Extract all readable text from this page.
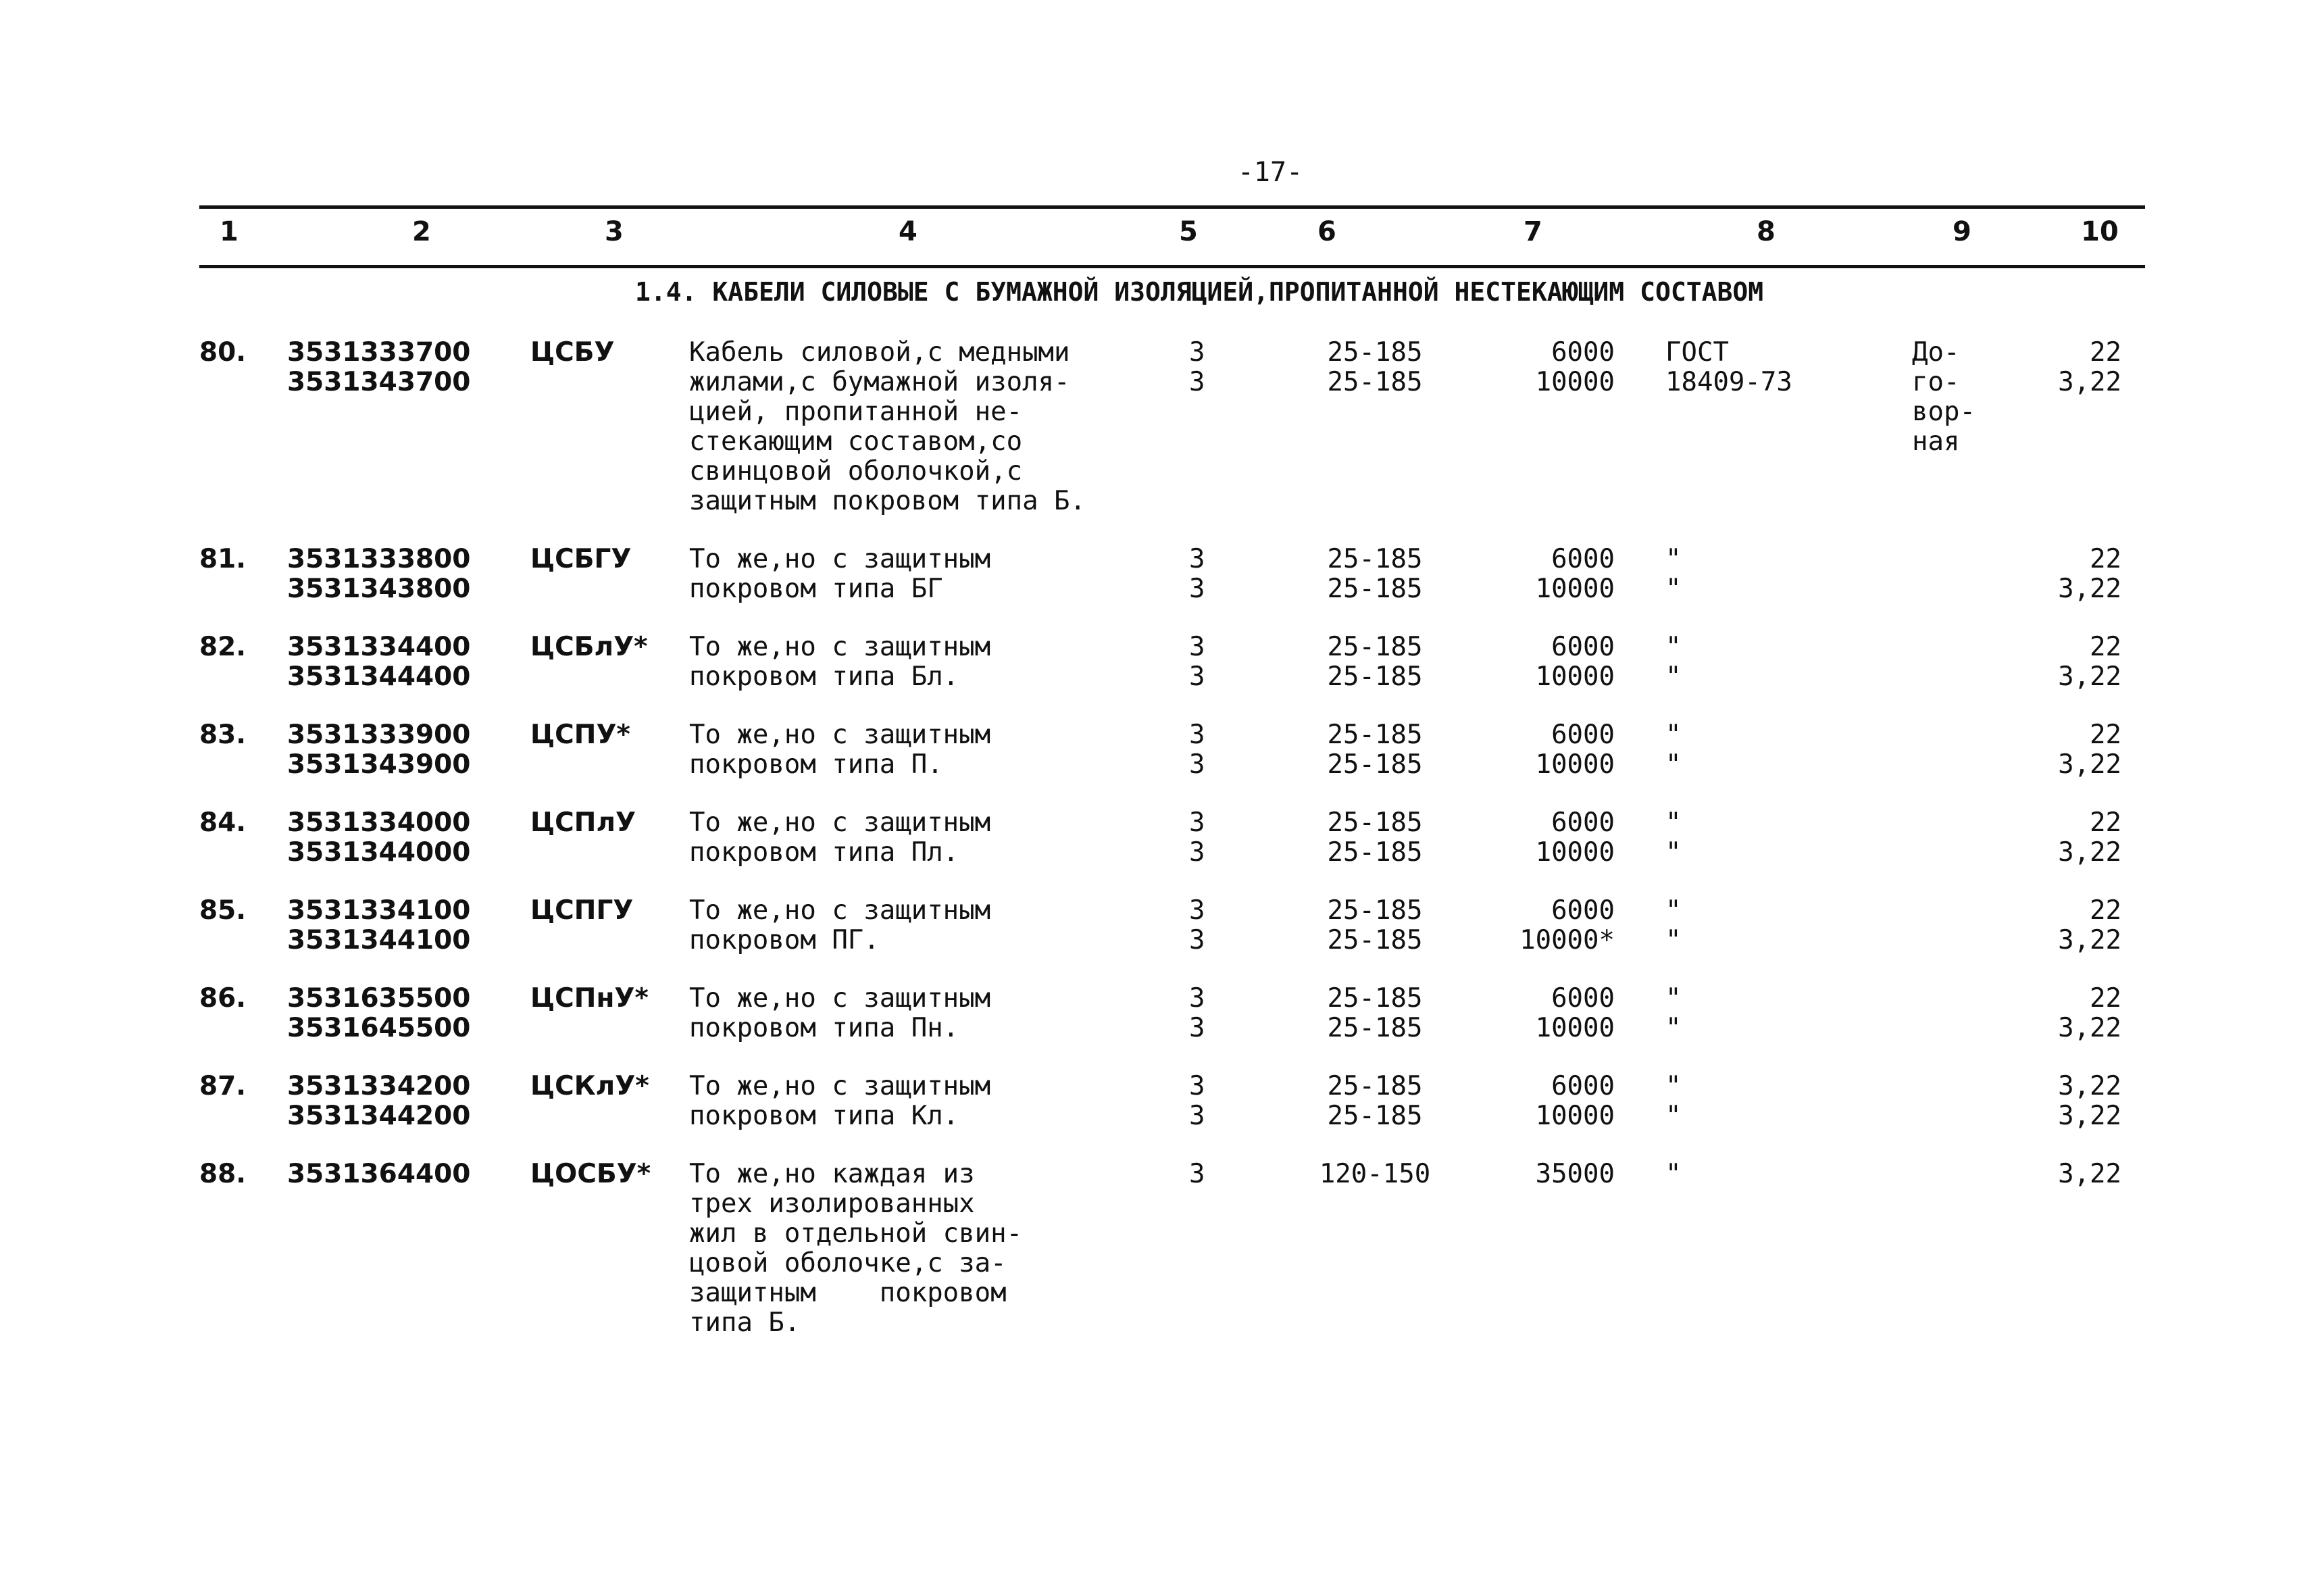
-17-
1	2	3	4	5	6	7	8	9	10
1.4. КАБЕЛИ СИЛОВЫЕ С БУМАЖНОЙ ИЗОЛЯЦИЕЙ,ПРОПИТАННОЙ НЕСТЕКАЮЩИМ СОСТАВОМ
80.	3531333700
3531343700
ЦСБУ	Кабель силовой,с медными
жилами,с бумажной изоля-
цией, пропитанной не-
стекающим составом,со
свинцовой оболочкой,с
защитным покровом типа Б.
3
3
25-185
25-185
6000
10000
ГОСТ
18409-73
До-
го-
вор-
ная
22
3,22
81.	3531333800
3531343800
ЦСБГУ	То же,но с защитным
покровом типа БГ
3
3
25-185
25-185
6000
10000
"
"
22
3,22
82.	3531334400
3531344400
ЦСБлУ*	То же,но с защитным
покровом типа Бл.
3
3
25-185
25-185
6000
10000
"
"
22
3,22
83.	3531333900
3531343900
ЦСПУ*	То же,но с защитным
покровом типа П.
3
3
25-185
25-185
6000
10000
"
"
22
3,22
84.	3531334000
3531344000
ЦСПлУ	То же,но с защитным
покровом типа Пл.
3
3
25-185
25-185
6000
10000
"
"
22
3,22
85.	3531334100
3531344100
ЦСПГУ	То же,но с защитным
покровом ПГ.
3
3
25-185
25-185
6000
10000*
"
"
22
3,22
86.	3531635500
3531645500
ЦСПнУ*	То же,но с защитным
покровом типа Пн.
3
3
25-185
25-185
6000
10000
"
"
22
3,22
87.	3531334200
3531344200
ЦСКлУ*	То же,но с защитным
покровом типа Кл.
3
3
25-185
25-185
6000
10000
"
"
3,22
3,22
88.	3531364400	ЦОСБУ*	То же,но каждая из
трех изолированных
жил в отдельной свин-
цовой оболочке,с за-
защитным    покровом
типа Б.
3	120-150	35000 "	3,22
